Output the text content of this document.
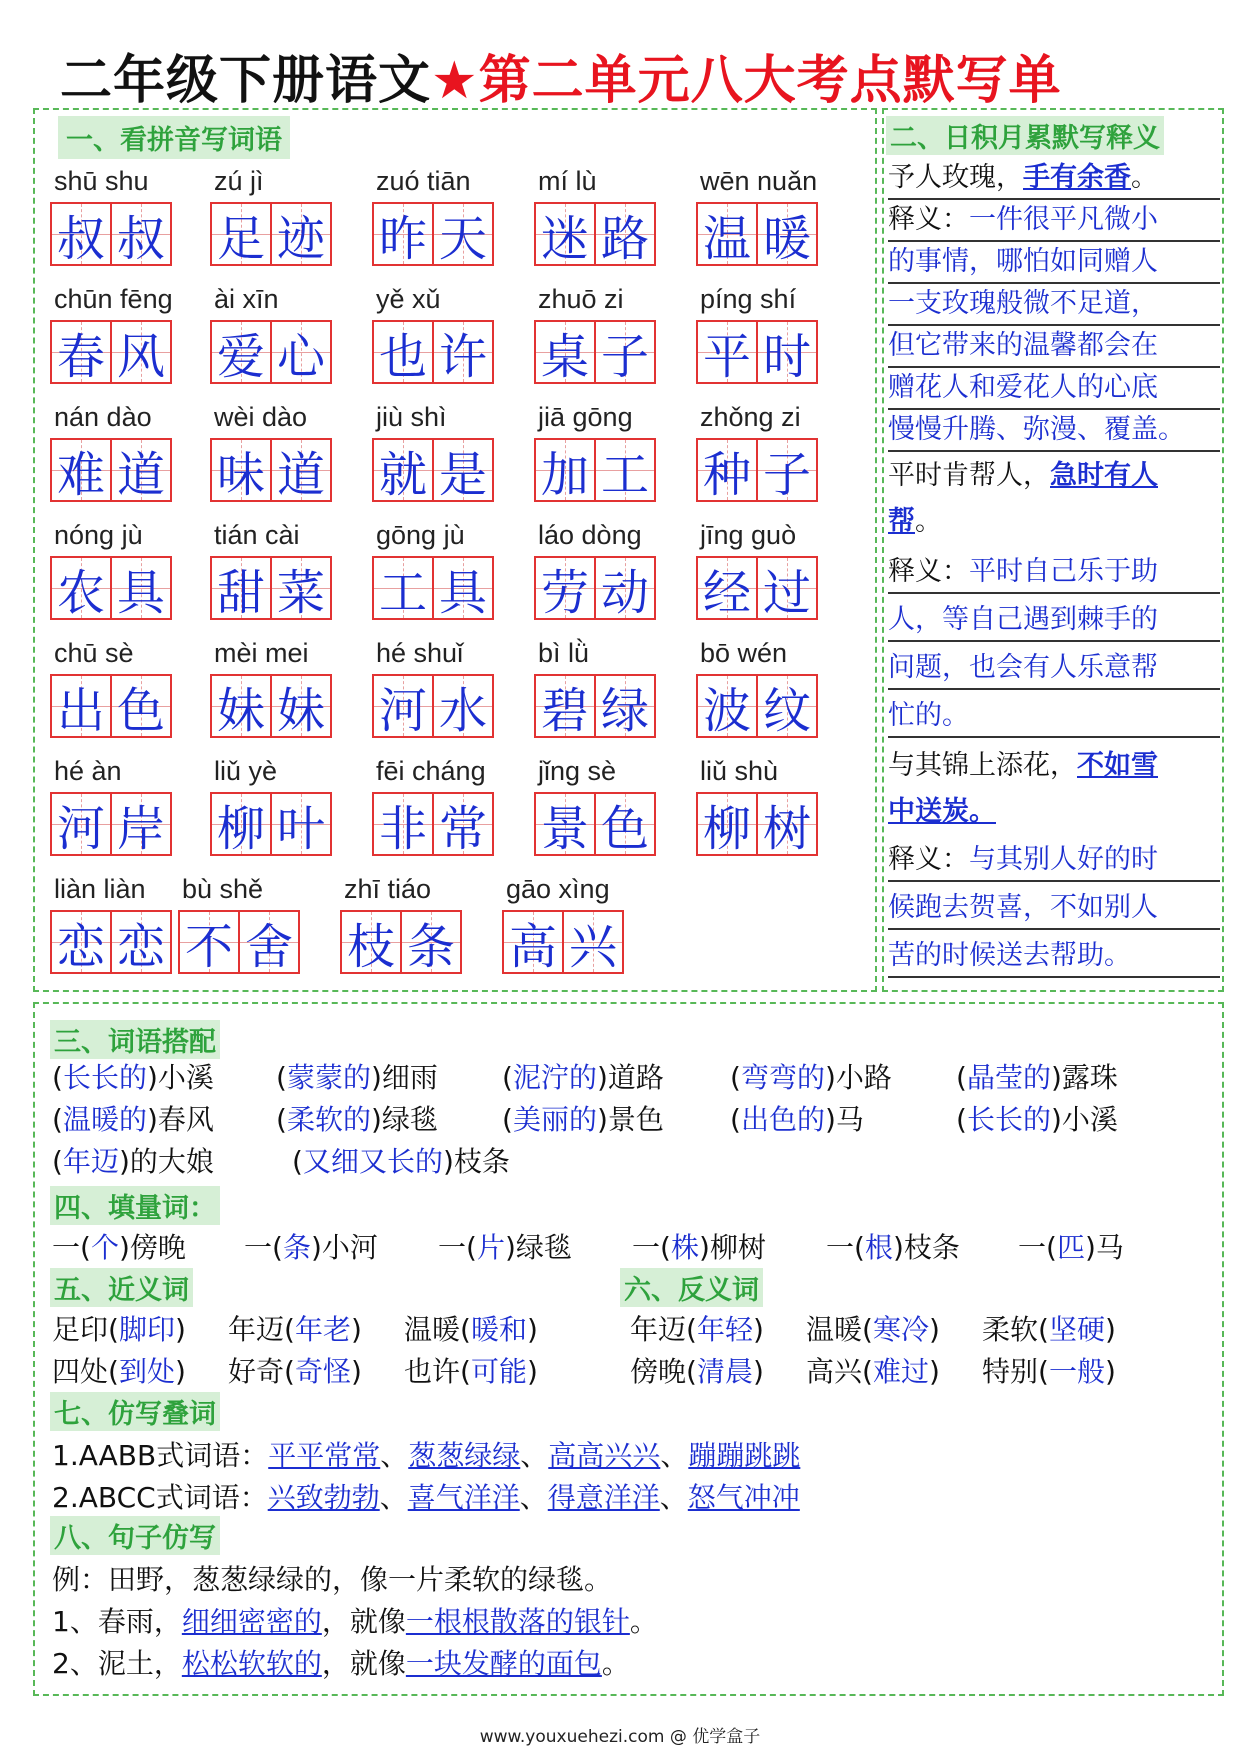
二年级下册语文★第二单元八大考点默写单
一、看拼音写词语
shū shu
叔 叔
zú jì
足 迹
zuó tiān
昨 天
mí lù
迷 路
wēn nuǎn
温 暖
chūn fēng
春 风
ài xīn
爱 心
yě xǔ
也 许
zhuō zi
桌 子
píng shí
平 时
nán dào
难 道
wèi dào
味 道
jiù shì
就 是
jiā gōng
加 工
zhǒng zi
种 子
nóng jù
农 具
tián cài
甜 菜
gōng jù
工 具
láo dòng
劳 动
jīng guò
经 过
chū sè
出 色
mèi mei
妹 妹
hé shuǐ
河 水
bì lǜ
碧 绿
bō wén
波 纹
hé àn
河 岸
liǔ yè
柳 叶
fēi cháng
非 常
jǐng sè
景 色
liǔ shù
柳 树
liàn liàn
恋 恋
bù shě
不 舍
zhī tiáo
枝 条
gāo xìng
高 兴
二、日积月累默写释义
予人玫瑰，手有余香。
释义：一件很平凡微小
的事情，哪怕如同赠人
一支玫瑰般微不足道，
但它带来的温馨都会在
赠花人和爱花人的心底
慢慢升腾、弥漫、覆盖。
平时肯帮人，急时有人
帮。
释义：平时自己乐于助
人，等自己遇到棘手的
问题，也会有人乐意帮
忙的。
与其锦上添花，不如雪
中送炭。
释义：与其别人好的时
候跑去贺喜，不如别人
苦的时候送去帮助。
三、词语搭配
(长长的)小溪 (蒙蒙的)细雨 (泥泞的)道路 (弯弯的)小路 (晶莹的)露珠
(温暖的)春风 (柔软的)绿毯 (美丽的)景色 (出色的)马	(长长的)小溪
(年迈)的大娘	(又细又长的)枝条
四、填量词：
一(个)傍晚 一(条)小河 一(片)绿毯 一(株)柳树 一(根)枝条 一(匹)马
五、近义词	六、反义词
足印(脚印) 年迈(年老) 温暖(暖和)
四处(到处) 好奇(奇怪) 也许(可能)
年迈(年轻) 温暖(寒冷) 柔软(坚硬)
傍晚(清晨) 高兴(难过) 特别(一般)
七、仿写叠词
1.AABB式词语：平平常常、葱葱绿绿、高高兴兴、蹦蹦跳跳
2.ABCC式词语：兴致勃勃、喜气洋洋、得意洋洋、怒气冲冲
八、句子仿写
例：田野，葱葱绿绿的，像一片柔软的绿毯。
1、春雨，细细密密的，就像一根根散落的银针。
2、泥土，松松软软的，就像一块发酵的面包。
www.youxuehezi.com @ 优学盒子
